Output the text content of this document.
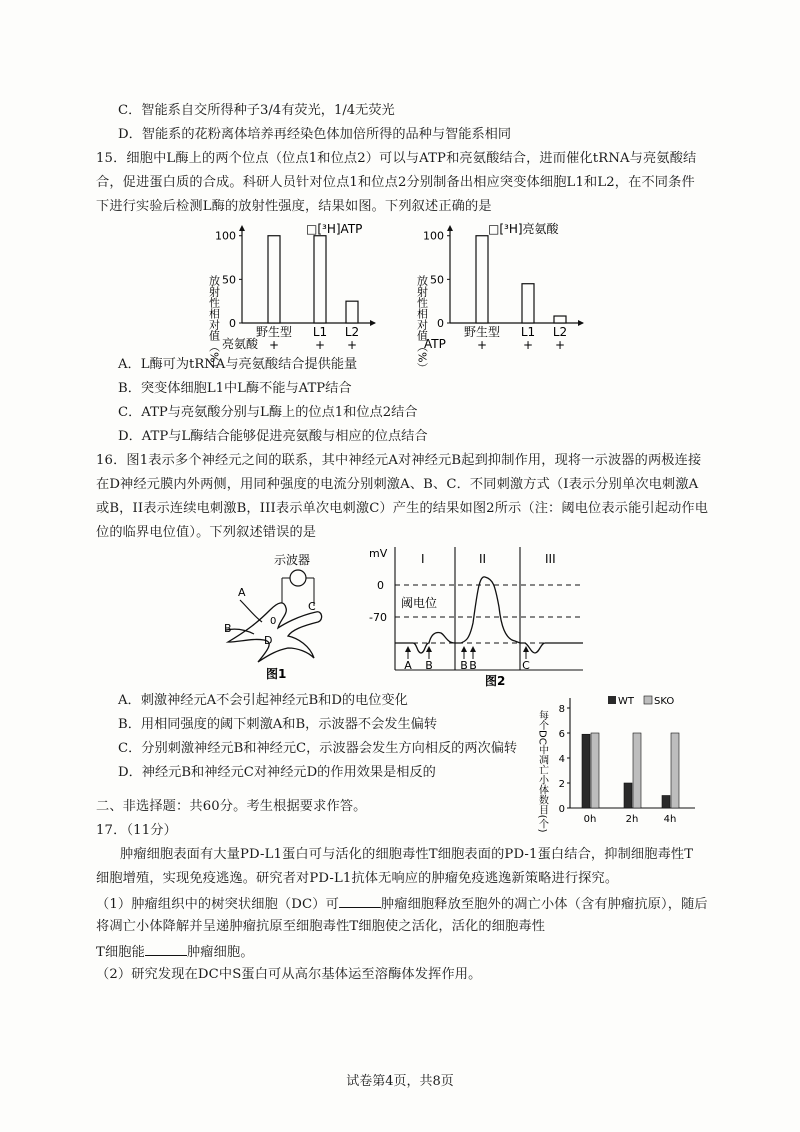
C．智能系自交所得种子3/4有荧光，1/4无荧光
D．智能系的花粉离体培养再经染色体加倍所得的品种与智能系相同
15．细胞中L酶上的两个位点（位点1和位点2）可以与ATP和亮氨酸结合，进而催化tRNA与亮氨酸结
合，促进蛋白质的合成。科研人员针对位点1和位点2分别制备出相应突变体细胞L1和L2，在不同条件
下进行实验后检测L酶的放射性强度，结果如图。下列叙述正确的是
放射性相对值（%）
□[³H]ATP
0
50
100
野生型 L1 L2
亮氨酸 +	+ +	放射性相对值（%）
□[³H]亮氨酸
0
50
100
野生型 L1 L2
ATP	+	+ +
A．L酶可为tRNA与亮氨酸结合提供能量
B．突变体细胞L1中L酶不能与ATP结合
C．ATP与亮氨酸分别与L酶上的位点1和位点2结合
D．ATP与L酶结合能够促进亮氨酸与相应的位点结合
16．图1表示多个神经元之间的联系，其中神经元A对神经元B起到抑制作用，现将一示波器的两极连接
在D神经元膜内外两侧，用同种强度的电流分别刺激A、B、C．不同刺激方式（I表示分别单次电刺激A
或B，II表示连续电刺激B，III表示单次电刺激C）产生的结果如图2所示（注：阈电位表示能引起动作电
位的临界电位值）。下列叙述错误的是
示波器
A
B
C
D
0
图1
mV	I	II	III
0
-70
阈电位
A B B B	C
图2
A．刺激神经元A不会引起神经元B和D的电位变化
B．用相同强度的阈下刺激A和B，示波器不会发生偏转
C．分别刺激神经元B和神经元C，示波器会发生方向相反的两次偏转
D．神经元B和神经元C对神经元D的作用效果是相反的	每个DC中凋亡小体数目(个)
WT SKO
0
2
4
6
8
0h	2h	4h
二、非选择题：共60分。考生根据要求作答。
17．（11分）
肿瘤细胞表面有大量PD-L1蛋白可与活化的细胞毒性T细胞表面的PD-1蛋白结合，抑制细胞毒性T
细胞增殖，实现免疫逃逸。研究者对PD-L1抗体无响应的肿瘤免疫逃逸新策略进行探究。
（1）肿瘤组织中的树突状细胞（DC）可	肿瘤细胞释放至胞外的凋亡小体（含有肿瘤抗原），随后
将凋亡小体降解并呈递肿瘤抗原至细胞毒性T细胞使之活化，活化的细胞毒性
T细胞能	肿瘤细胞。
（2）研究发现在DC中S蛋白可从高尔基体运至溶酶体发挥作用。
试卷第4页，共8页
